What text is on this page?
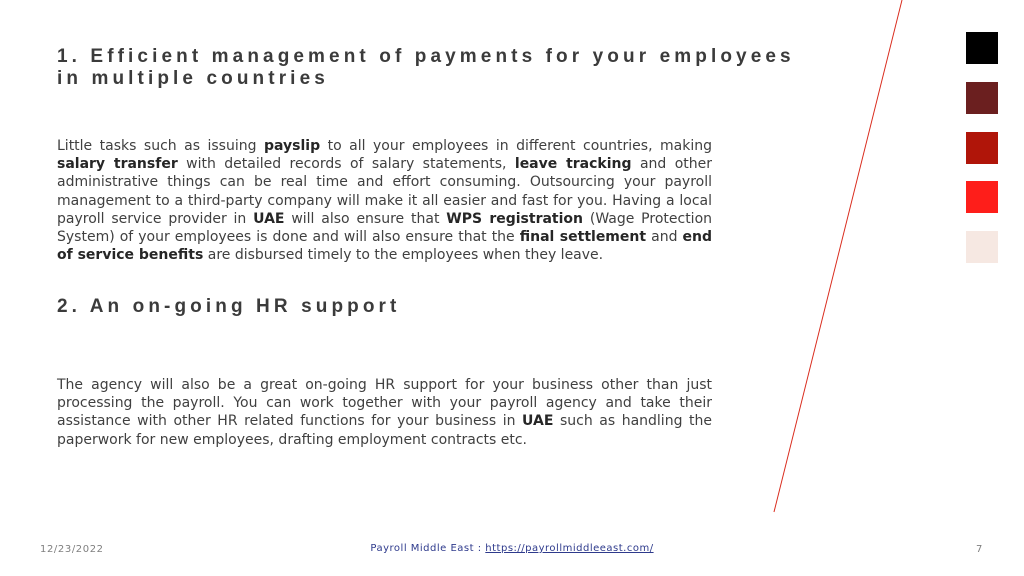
1. Efficient management of payments for your employees in multiple countries

Little tasks such as issuing payslip to all your employees in different countries, making salary transfer with detailed records of salary statements, leave tracking and other administrative things can be real time and effort consuming. Outsourcing your payroll management to a third-party company will make it all easier and fast for you. Having a local payroll service provider in UAE will also ensure that WPS registration (Wage Protection System) of your employees is done and will also ensure that the final settlement and end of service benefits are disbursed timely to the employees when they leave.

2. An on-going HR support

The agency will also be a great on-going HR support for your business other than just processing the payroll. You can work together with your payroll agency and take their assistance with other HR related functions for your business in UAE such as handling the paperwork for new employees, drafting employment contracts etc.

12/23/2022	Payroll Middle East : https://payrollmiddleeast.com/	7
